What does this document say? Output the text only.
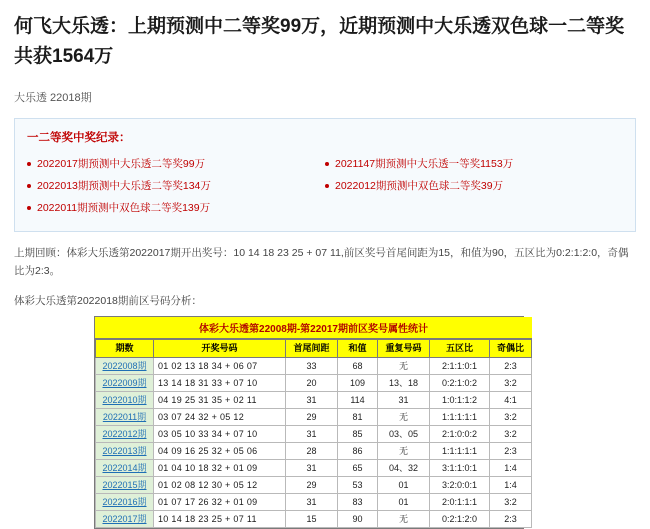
何飞大乐透：上期预测中二等奖99万，近期预测中大乐透双色球一二等奖共获1564万
大乐透 22018期
一二等奖中奖纪录：
2022017期预测中大乐透二等奖99万
2022013期预测中大乐透二等奖134万
2022011期预测中双色球二等奖139万
2021147期预测中大乐透一等奖1153万
2022012期预测中双色球二等奖39万
上期回顾：体彩大乐透第2022017期开出奖号：10 14 18 23 25 + 07 11,前区奖号首尾间距为15，和值为90，五区比为0:2:1:2:0，奇偶比为2:3。
体彩大乐透第2022018期前区号码分析：
体彩大乐透第22008期-第22017期前区奖号属性统计
期数	开奖号码	首尾间距	和值	重复号码	五区比	奇偶比
2022008期	01 02 13 18 34 + 06 07	33	68	无	2:1:1:0:1	2:3
2022009期	13 14 18 31 33 + 07 10	20	109	13、18	0:2:1:0:2	3:2
2022010期	04 19 25 31 35 + 02 11	31	114	31	1:0:1:1:2	4:1
2022011期	03 07 24 32 + 05 12	29	81	无	1:1:1:1:1	3:2
2022012期	03 05 10 33 34 + 07 10	31	85	03、05	2:1:0:0:2	3:2
2022013期	04 09 16 25 32 + 05 06	28	86	无	1:1:1:1:1	2:3
2022014期	01 04 10 18 32 + 01 09	31	65	04、32	3:1:1:0:1	1:4
2022015期	01 02 08 12 30 + 05 12	29	53	01	3:2:0:0:1	1:4
2022016期	01 07 17 26 32 + 01 09	31	83	01	2:0:1:1:1	3:2
2022017期	10 14 18 23 25 + 07 11	15	90	无	0:2:1:2:0	2:3
